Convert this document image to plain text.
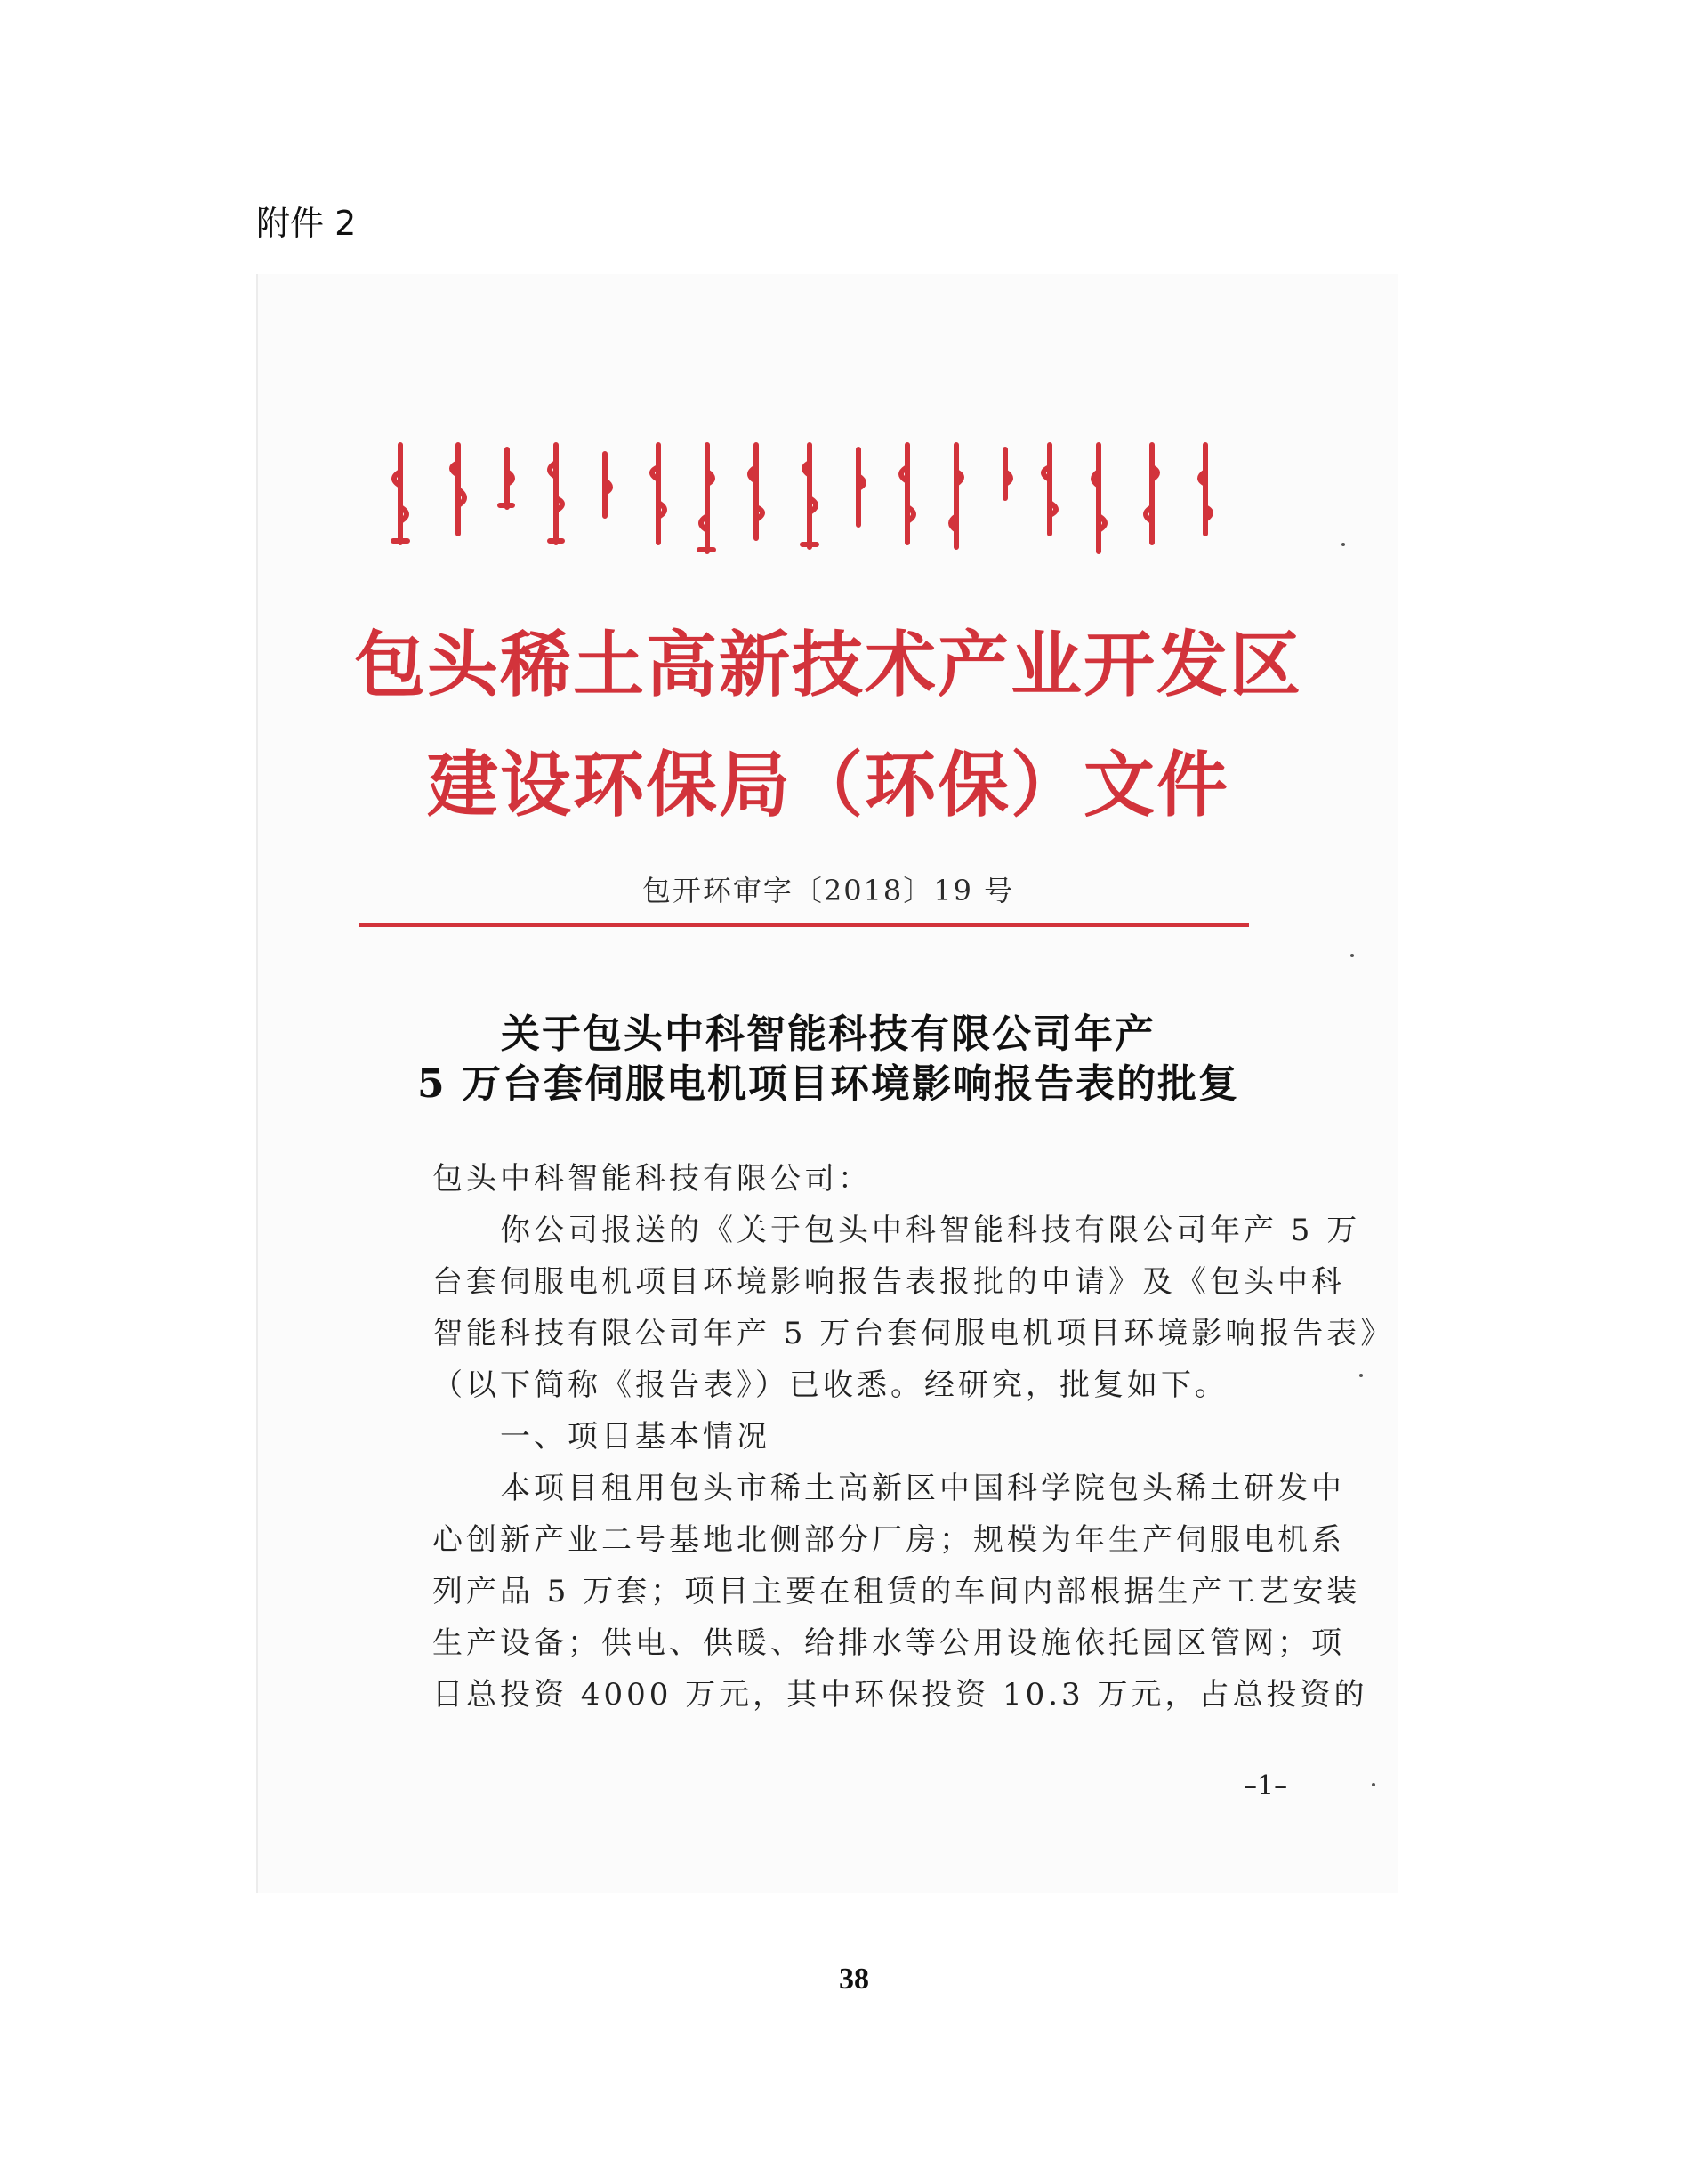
附件 2
包头稀土高新技术产业开发区
建设环保局（环保）文件
包开环审字〔2018〕19 号
关于包头中科智能科技有限公司年产
5 万台套伺服电机项目环境影响报告表的批复
包头中科智能科技有限公司：
　　你公司报送的《关于包头中科智能科技有限公司年产 5 万
台套伺服电机项目环境影响报告表报批的申请》及《包头中科
智能科技有限公司年产 5 万台套伺服电机项目环境影响报告表》
（以下简称《报告表》）已收悉。经研究，批复如下。
　　一、项目基本情况
　　本项目租用包头市稀土高新区中国科学院包头稀土研发中
心创新产业二号基地北侧部分厂房；规模为年生产伺服电机系
列产品 5 万套；项目主要在租赁的车间内部根据生产工艺安装
生产设备；供电、供暖、给排水等公用设施依托园区管网；项
目总投资 4000 万元，其中环保投资 10.3 万元，占总投资的
–1–
38
